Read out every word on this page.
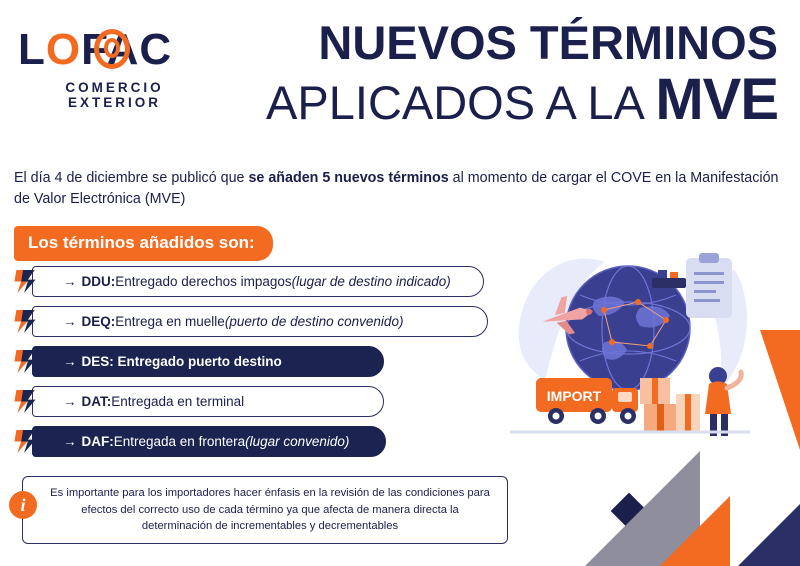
LOFAC
COMERCIO EXTERIOR
NUEVOS TÉRMINOS
APLICADOS A LA MVE
El día 4 de diciembre se publicó que se añaden 5 nuevos términos al momento de cargar el COVE en la Manifestación de Valor Electrónica (MVE)
Los términos añadidos son:
→ DDU: Entregado derechos impagos (lugar de destino indicado)
→ DEQ: Entrega en muelle (puerto de destino convenido)
→ DES: Entregado puerto destino
→ DAT: Entregada en terminal
→ DAF: Entregada en frontera (lugar convenido)
i
Es importante para los importadores hacer énfasis en la revisión de las condiciones para efectos del correcto uso de cada término ya que afecta de manera directa la determinación de incrementables y decrementables
IMPORT
